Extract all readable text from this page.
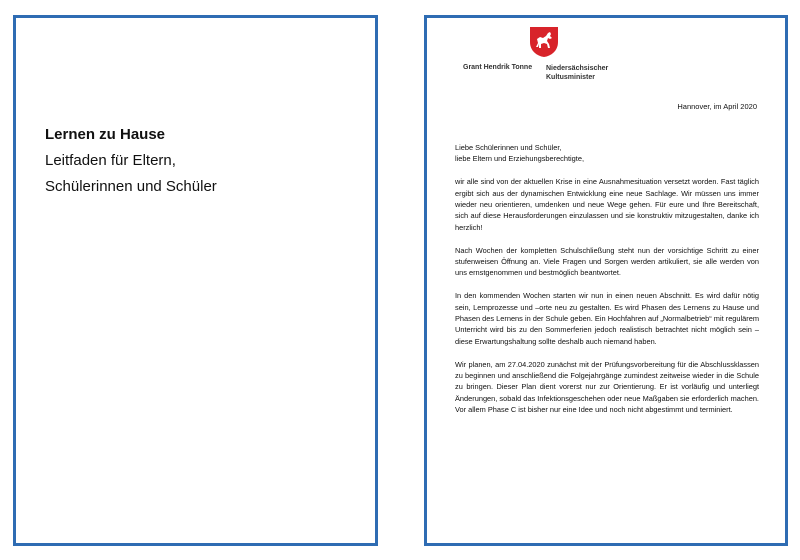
Lernen zu Hause
Leitfaden für Eltern,
Schülerinnen und Schüler
Grant Hendrik Tonne Niedersächsischer
Kultusminister
Hannover, im April 2020
Liebe Schülerinnen und Schüler,
liebe Eltern und Erziehungsberechtigte,

wir alle sind von der aktuellen Krise in eine Ausnahmesituation versetzt worden. Fast täglich ergibt sich aus der dynamischen Entwicklung eine neue Sachlage. Wir müssen uns immer wieder neu orientieren, umdenken und neue Wege gehen. Für eure und Ihre Bereitschaft, sich auf diese Herausforderungen einzulassen und sie konstruktiv mitzugestalten, danke ich herzlich!

Nach Wochen der kompletten Schulschließung steht nun der vorsichtige Schritt zu einer stufenweisen Öffnung an. Viele Fragen und Sorgen werden artikuliert, sie alle werden von uns ernstgenommen und bestmöglich beantwortet.

In den kommenden Wochen starten wir nun in einen neuen Abschnitt. Es wird dafür nötig sein, Lernprozesse und –orte neu zu gestalten. Es wird Phasen des Lernens zu Hause und Phasen des Lernens in der Schule geben. Ein Hochfahren auf „Normalbetrieb“ mit regulärem Unterricht wird bis zu den Sommerferien jedoch realistisch betrachtet nicht möglich sein – diese Erwartungshaltung sollte deshalb auch niemand haben.

Wir planen, am 27.04.2020 zunächst mit der Prüfungsvorbereitung für die Abschlussklassen zu beginnen und anschließend die Folgejahrgänge zumindest zeitweise wieder in die Schule zu bringen. Dieser Plan dient vorerst nur zur Orientierung. Er ist vorläufig und unterliegt Änderungen, sobald das Infektionsgeschehen oder neue Maßgaben sie erforderlich machen. Vor allem Phase C ist bisher nur eine Idee und noch nicht abgestimmt und terminiert.
